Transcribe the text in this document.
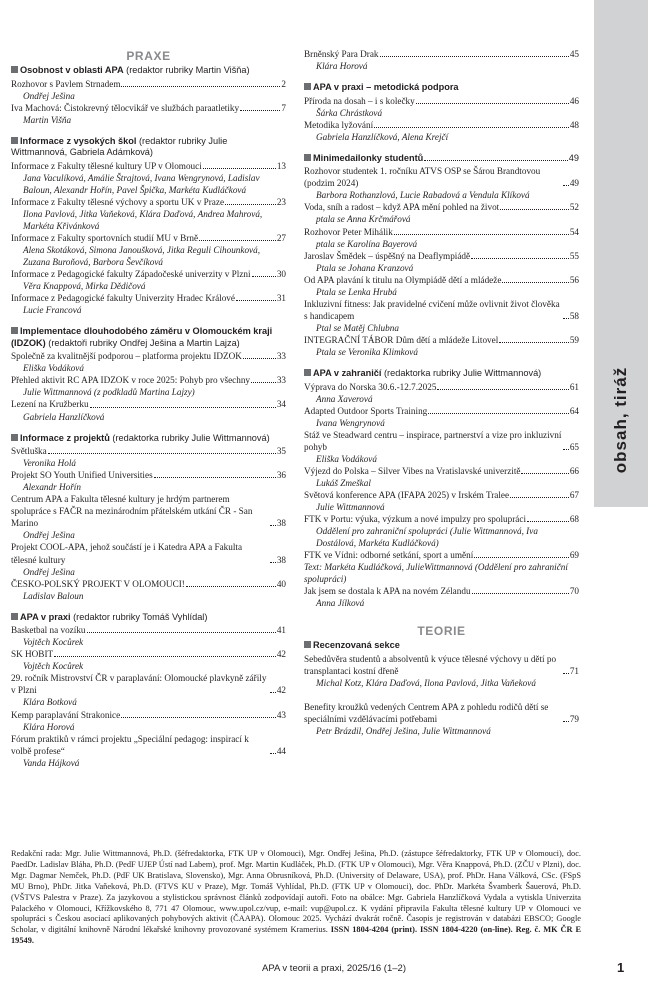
obsah, tiráž
PRAXE
Osobnost v oblasti APA (redaktor rubriky Martin Višňa)
Rozhovor s Pavlem Strnadem	2
Ondřej Ješina
Iva Machová: Čistokrevný tělocvikář ve službách paraatletiky	7
Martin Višňa
Informace z vysokých škol (redaktor rubriky Julie Wittmannová, Gabriela Adámková)
Informace z Fakulty tělesné kultury UP v Olomouci	13
Jana Vaculíková, Amálie Štrajtová, Ivana Wengrynová, Ladislav Baloun, Alexandr Hořín, Pavel Špička, Markéta Kudláčková
Informace z Fakulty tělesné výchovy a sportu UK v Praze	23
Ilona Pavlová, Jitka Vaňeková, Klára Daďová, Andrea Mahrová, Markéta Křivánková
Informace z Fakulty sportovních studií MU v Brně	27
Alena Skotáková, Simona Janoušková, Jitka Reguli Cihounková, Zuzana Buroňová, Barbora Ševčíková
Informace z Pedagogické fakulty Západočeské univerzity v Plzni	30
Věra Knappová, Mirka Dědičová
Informace z Pedagogické fakulty Univerzity Hradec Králové	31
Lucie Francová
Implementace dlouhodobého záměru v Olomouckém kraji (IDZOK) (redaktoři rubriky Ondřej Ješina a Martin Lajza)
Společně za kvalitnější podporou – platforma projektu IDZOK	33
Eliška Vodáková
Přehled aktivit RC APA IDZOK v roce 2025: Pohyb pro všechny	33
Julie Wittmannová (z podkladů Martina Lajzy)
Lezení na Kružberku	34
Gabriela Hanzlíčková
Informace z projektů (redaktorka rubriky Julie Wittmannová)
Světluška	35
Veronika Holá
Projekt SO Youth Unified Universities	36
Alexandr Hořín
Centrum APA a Fakulta tělesné kultury je hrdým partnerem spolupráce s FAČR na mezinárodním přátelském utkání ČR - San Marino	38
Ondřej Ješina
Projekt COOL-APA, jehož součástí je i Katedra APA a Fakulta tělesné kultury	38
Ondřej Ješina
ČESKO-POLSKÝ PROJEKT V OLOMOUCI!	40
Ladislav Baloun
APA v praxi (redaktor rubriky Tomáš Vyhlídal)
Basketbal na vozíku	41
Vojtěch Kocůrek
SK HOBIT	42
Vojtěch Kocůrek
29. ročník Mistrovství ČR v paraplavání: Olomoucké plavkyně zářily v Plzni	42
Klára Botková
Kemp paraplavání Strakonice	43
Klára Horová
Fórum praktiků v rámci projektu „Speciální pedagog: inspirací k volbě profese“	44
Vanda Hájková
Brněnský Para Drak	45
Klára Horová
APA v praxi – metodická podpora
Příroda na dosah – i s kolečky	46
Šárka Chrástková
Metodika lyžování	48
Gabriela Hanzlíčková, Alena Krejčí
Minimedailonky studentů	49
Rozhovor studentek 1. ročníku ATVS OSP se Šárou Brandtovou (podzim 2024)	49
Barbora Rothanzlová, Lucie Rabadová a Vendula Klíková
Voda, sníh a radost – když APA mění pohled na život	52
ptala se Anna Krčmářová
Rozhovor Peter Mihálik	54
ptala se Karolína Bayerová
Jaroslav Šmědek – úspěšný na Deaflympiádě	55
Ptala se Johana Kranzová
Od APA plavání k titulu na Olympiádě dětí a mládeže	56
Ptala se Lenka Hrubá
Inkluzivní fitness: Jak pravidelné cvičení může ovlivnit život člověka s handicapem	58
Ptal se Matěj Chlubna
INTEGRAČNÍ TÁBOR Dům dětí a mládeže Litovel	59
Ptala se Veronika Klimková
APA v zahraničí (redaktorka rubriky Julie Wittmannová)
Výprava do Norska 30.6.-12.7.2025	61
Anna Xaverová
Adapted Outdoor Sports Training	64
Ivana Wengrynová
Stáž ve Steadward centru – inspirace, partnerství a vize pro inkluzivní pohyb	65
Eliška Vodáková
Výjezd do Polska – Silver Vibes na Vratislavské univerzitě	66
Lukáš Zmeškal
Světová konference APA (IFAPA 2025) v Irském Tralee	67
Julie Wittmannová
FTK v Portu: výuka, výzkum a nové impulzy pro spolupráci	68
Oddělení pro zahraniční spolupráci (Julie Wittmannová, Iva Dostálová, Markéta Kudláčková)
FTK ve Vídni: odborné setkání, sport a umění	69
Text: Markéta Kudláčková, JulieWittmannová (Oddělení pro zahraniční spolupráci)
Jak jsem se dostala k APA na novém Zélandu	70
Anna Jílková
TEORIE
Recenzovaná sekce
Sebedůvěra studentů a absolventů k výuce tělesné výchovy u dětí po transplantaci kostní dřeně	71
Michal Kotz, Klára Daďová, Ilona Pavlová, Jitka Vaňeková
Benefity kroužků vedených Centrem APA z pohledu rodičů dětí se speciálními vzdělávacími potřebami	79
Petr Brázdil, Ondřej Ješina, Julie Wittmannová
Redakční rada: Mgr. Julie Wittmannová, Ph.D. (šéfredaktorka, FTK UP v Olomouci), Mgr. Ondřej Ješina, Ph.D. (zástupce šéfredaktorky, FTK UP v Olomouci), doc. PaedDr. Ladislav Bláha, Ph.D. (PedF UJEP Ústí nad Labem), prof. Mgr. Martin Kudláček, Ph.D. (FTK UP v Olomouci), Mgr. Věra Knappová, Ph.D. (ZČU v Plzni), doc. Mgr. Dagmar Nemček, Ph.D. (PdF UK Bratislava, Slovensko), Mgr. Anna Obrusníková, Ph.D. (University of Delaware, USA), prof. PhDr. Hana Válková, CSc. (FSpS MU Brno), PhDr. Jitka Vaňeková, Ph.D. (FTVS KU v Praze), Mgr. Tomáš Vyhlídal, Ph.D. (FTK UP v Olomouci), doc. PhDr. Markéta Švamberk Šauerová, Ph.D. (VŠTVS Palestra v Praze). Za jazykovou a stylistickou správnost článků zodpovídají autoři. Foto na obálce: Mgr. Gabriela Hanzlíčková Vydala a vytiskla Univerzita Palackého v Olomouci, Křížkovského 8, 771 47 Olomouc, www.upol.cz/vup, e-mail: vup@upol.cz. K vydání připravila Fakulta tělesné kultury UP v Olomouci ve spolupráci s Českou asociací aplikovaných pohybových aktivit (ČAAPA). Olomouc 2025. Vychází dvakrát ročně. Časopis je registrován v databázi EBSCO; Google Scholar, v digitální knihovně Národní lékařské knihovny provozované systémem Kramerius. ISSN 1804-4204 (print). ISSN 1804-4220 (on-line). Reg. č. MK ČR E 19549.
APA v teorii a praxi, 2025/16 (1–2)	1
